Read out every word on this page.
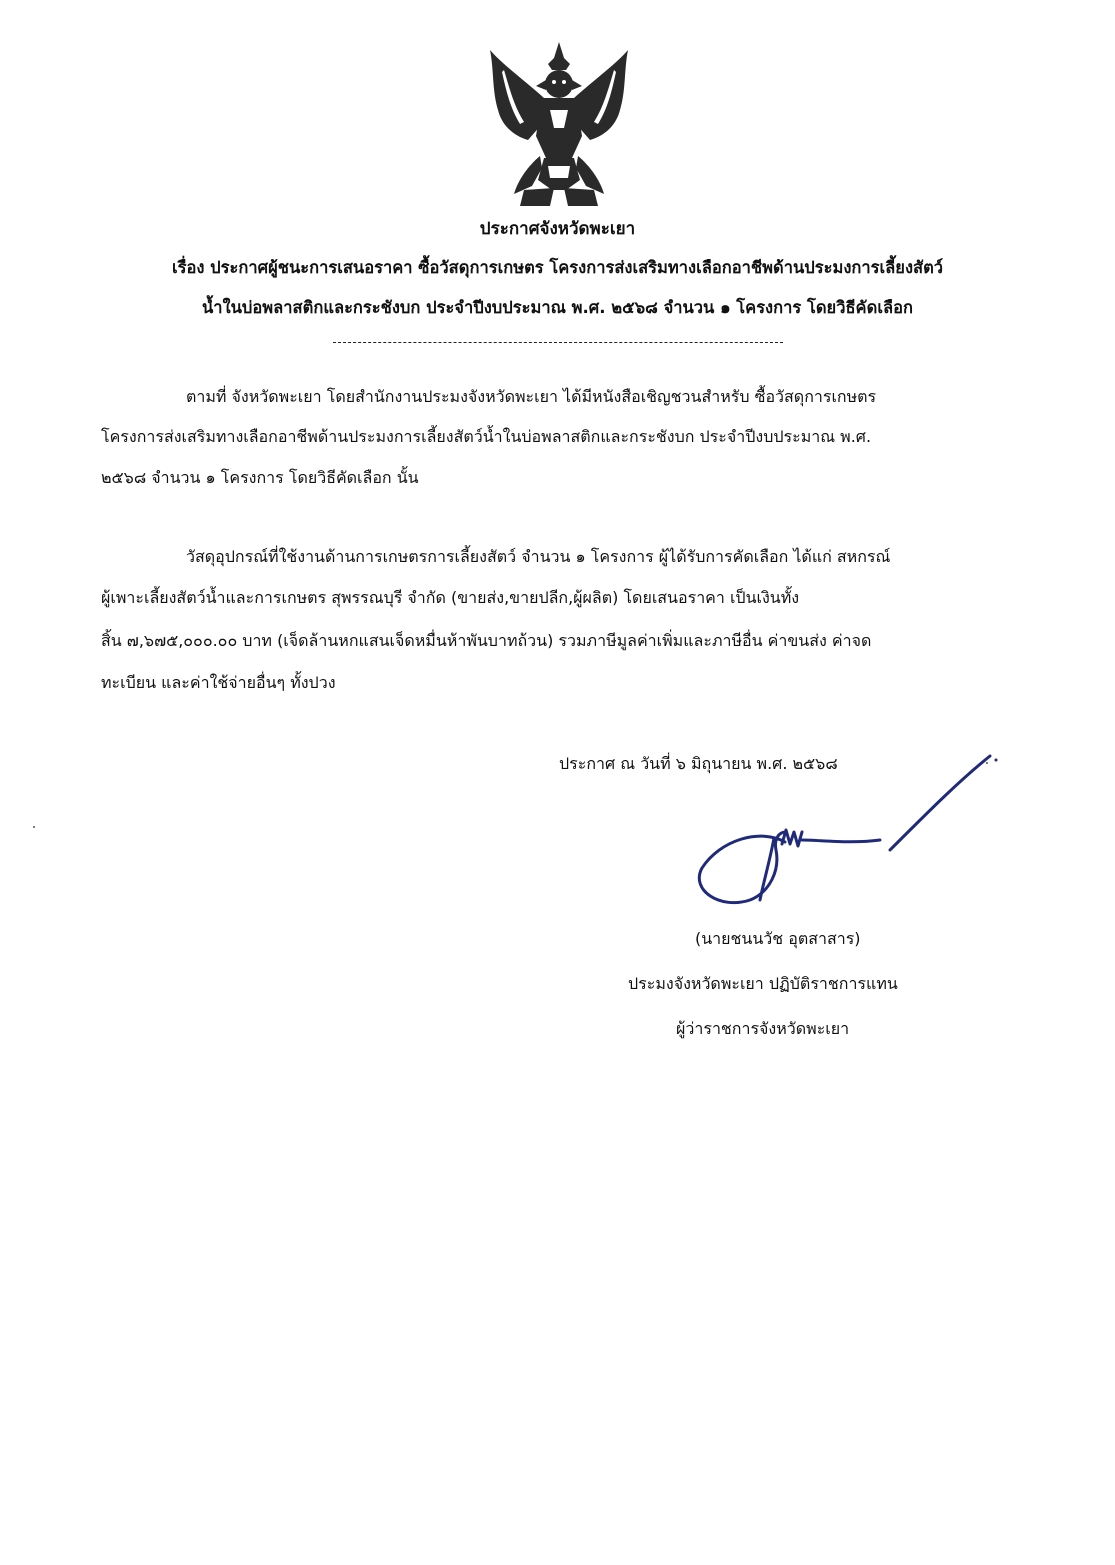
ประกาศจังหวัดพะเยา
เรื่อง ประกาศผู้ชนะการเสนอราคา ซื้อวัสดุการเกษตร โครงการส่งเสริมทางเลือกอาชีพด้านประมงการเลี้ยงสัตว์
น้ำในบ่อพลาสติกและกระชังบก ประจำปีงบประมาณ พ.ศ. ๒๕๖๘ จำนวน ๑ โครงการ โดยวิธีคัดเลือก
ตามที่ จังหวัดพะเยา โดยสำนักงานประมงจังหวัดพะเยา ได้มีหนังสือเชิญชวนสำหรับ ซื้อวัสดุการเกษตร
โครงการส่งเสริมทางเลือกอาชีพด้านประมงการเลี้ยงสัตว์น้ำในบ่อพลาสติกและกระชังบก ประจำปีงบประมาณ พ.ศ.
๒๕๖๘ จำนวน ๑ โครงการ โดยวิธีคัดเลือก นั้น
วัสดุอุปกรณ์ที่ใช้งานด้านการเกษตรการเลี้ยงสัตว์ จำนวน ๑ โครงการ ผู้ได้รับการคัดเลือก ได้แก่ สหกรณ์
ผู้เพาะเลี้ยงสัตว์น้ำและการเกษตร สุพรรณบุรี จำกัด (ขายส่ง,ขายปลีก,ผู้ผลิต) โดยเสนอราคา เป็นเงินทั้ง
สิ้น ๗,๖๗๕,๐๐๐.๐๐ บาท (เจ็ดล้านหกแสนเจ็ดหมื่นห้าพันบาทถ้วน) รวมภาษีมูลค่าเพิ่มและภาษีอื่น ค่าขนส่ง ค่าจด
ทะเบียน และค่าใช้จ่ายอื่นๆ ทั้งปวง
ประกาศ ณ วันที่ ๖ มิถุนายน พ.ศ. ๒๕๖๘
(นายชนนวัช อุตสาสาร)
ประมงจังหวัดพะเยา ปฏิบัติราชการแทน
ผู้ว่าราชการจังหวัดพะเยา
